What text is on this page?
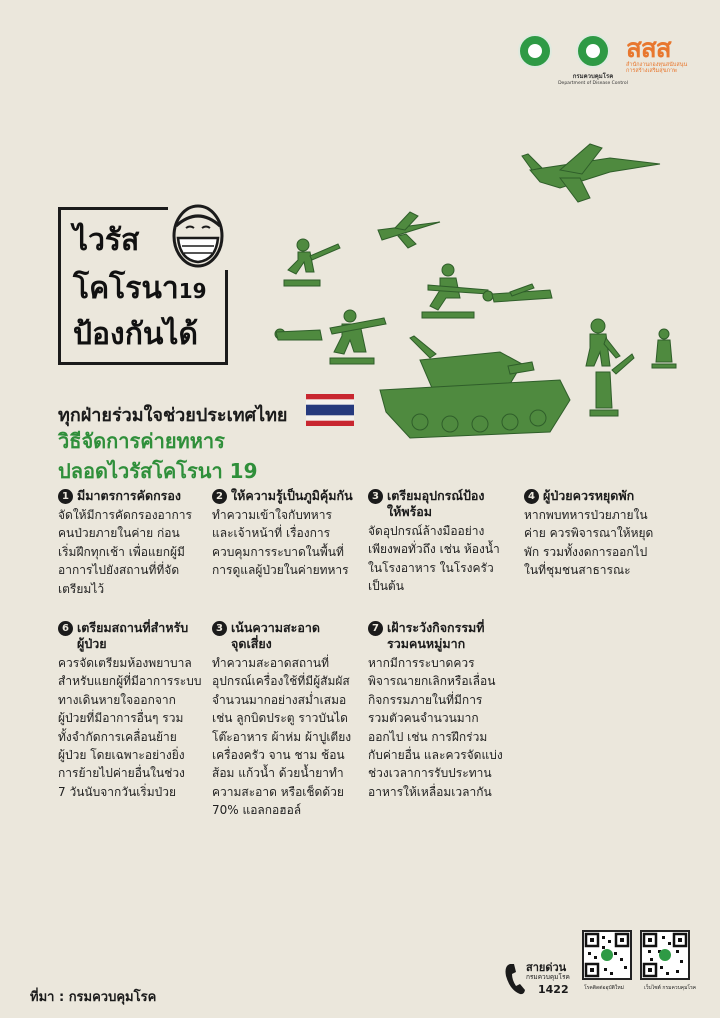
กรมควบคุมโรค
Department of Disease Control
สสส
สำนักงานกองทุนสนับสนุน
การสร้างเสริมสุขภาพ
ไวรัส
โคโรนา19
ป้องกันได้
ทุกฝ่ายร่วมใจช่วยประเทศไทย
วิธีจัดการค่ายทหาร
ปลอดไวรัสโคโรนา 19
1 มีมาตรการคัดกรอง
จัดให้มีการคัดกรองอาการ
คนป่วยภายในค่าย ก่อน
เริ่มฝึกทุกเช้า เพื่อแยกผู้มี
อาการไปยังสถานที่ที่จัด
เตรียมไว้
2 ให้ความรู้เป็นภูมิคุ้มกัน
ทำความเข้าใจกับทหาร
และเจ้าหน้าที่ เรื่องการ
ควบคุมการระบาดในพื้นที่
การดูแลผู้ป่วยในค่ายทหาร
3 เตรียมอุปกรณ์ป้อง
ให้พร้อม
จัดอุปกรณ์ล้างมืออย่าง
เพียงพอทั่วถึง เช่น ห้องน้ำ
ในโรงอาหาร ในโรงครัว
เป็นต้น
4 ผู้ป่วยควรหยุดพัก
หากพบทหารป่วยภายใน
ค่าย ควรพิจารณาให้หยุด
พัก รวมทั้งงดการออกไป
ในที่ชุมชนสาธารณะ
6 เตรียมสถานที่สำหรับ
ผู้ป่วย
ควรจัดเตรียมห้องพยาบาล
สำหรับแยกผู้ที่มีอาการระบบ
ทางเดินหายใจออกจาก
ผู้ป่วยที่มีอาการอื่นๆ รวม
ทั้งจำกัดการเคลื่อนย้าย
ผู้ป่วย โดยเฉพาะอย่างยิ่ง
การย้ายไปค่ายอื่นในช่วง
7 วันนับจากวันเริ่มป่วย
3 เน้นความสะอาด
จุดเสี่ยง
ทำความสะอาดสถานที่
อุปกรณ์เครื่องใช้ที่มีผู้สัมผัส
จำนวนมากอย่างสม่ำเสมอ
เช่น ลูกบิดประตู ราวบันได
โต๊ะอาหาร ผ้าห่ม ผ้าปูเตียง
เครื่องครัว จาน ชาม ช้อน
ส้อม แก้วน้ำ ด้วยน้ำยาทำ
ความสะอาด หรือเช็ดด้วย
70% แอลกอฮอล์
7 เฝ้าระวังกิจกรรมที่
รวมคนหมู่มาก
หากมีการระบาดควร
พิจารณายกเลิกหรือเลื่อน
กิจกรรมภายในที่มีการ
รวมตัวคนจำนวนมาก
ออกไป เช่น การฝึกร่วม
กับค่ายอื่น และควรจัดแบ่ง
ช่วงเวลาการรับประทาน
อาหารให้เหลื่อมเวลากัน
ที่มา : กรมควบคุมโรค
สายด่วน
กรมควบคุมโรค
1422	โรคติดต่ออุบัติใหม่	เว็บไซต์ กรมควบคุมโรค
